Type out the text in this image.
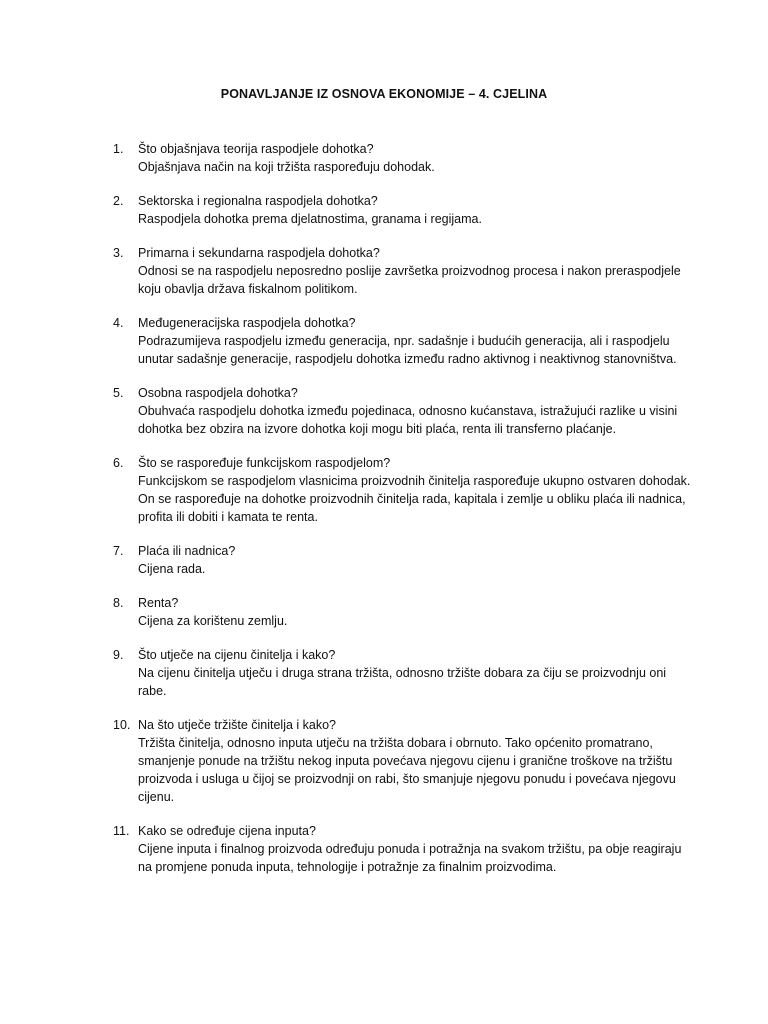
PONAVLJANJE IZ OSNOVA EKONOMIJE – 4. CJELINA
1.	Što objašnjava teorija raspodjele dohotka?
Objašnjava način na koji tržišta raspoređuju dohodak.
2.	Sektorska i regionalna raspodjela dohotka?
Raspodjela dohotka prema djelatnostima, granama i regijama.
3.	Primarna i sekundarna raspodjela dohotka?
Odnosi se na raspodjelu neposredno poslije završetka proizvodnog procesa i nakon preraspodjele koju obavlja država fiskalnom politikom.
4.	Međugeneracijska raspodjela dohotka?
Podrazumijeva raspodjelu između generacija, npr. sadašnje i budućih generacija, ali i raspodjelu unutar sadašnje generacije, raspodjelu dohotka između radno aktivnog i neaktivnog stanovništva.
5.	Osobna raspodjela dohotka?
Obuhvaća raspodjelu dohotka između pojedinaca, odnosno kućanstava, istražujući razlike u visini dohotka bez obzira na izvore dohotka koji mogu biti plaća, renta ili transferno plaćanje.
6.	Što se raspoređuje funkcijskom raspodjelom?
Funkcijskom se raspodjelom vlasnicima proizvodnih činitelja raspoređuje ukupno ostvaren dohodak. On se raspoređuje na dohotke proizvodnih činitelja rada, kapitala i zemlje u obliku plaća ili nadnica, profita ili dobiti i kamata te renta.
7.	Plaća ili nadnica?
Cijena rada.
8.	Renta?
Cijena za korištenu zemlju.
9.	Što utječe na cijenu činitelja i kako?
Na cijenu činitelja utječu i druga strana tržišta, odnosno tržište dobara za čiju se proizvodnju oni rabe.
10. Na što utječe tržište činitelja i kako?
Tržišta činitelja, odnosno inputa utječu na tržišta dobara i obrnuto. Tako općenito promatrano, smanjenje ponude na tržištu nekog inputa povećava njegovu cijenu i granične troškove na tržištu proizvoda i usluga u čijoj se proizvodnji on rabi, što smanjuje njegovu ponudu i povećava njegovu cijenu.
11. Kako se određuje cijena inputa?
Cijene inputa i finalnog proizvoda određuju ponuda i potražnja na svakom tržištu, pa obje reagiraju na promjene ponuda inputa, tehnologije i potražnje za finalnim proizvodima.
